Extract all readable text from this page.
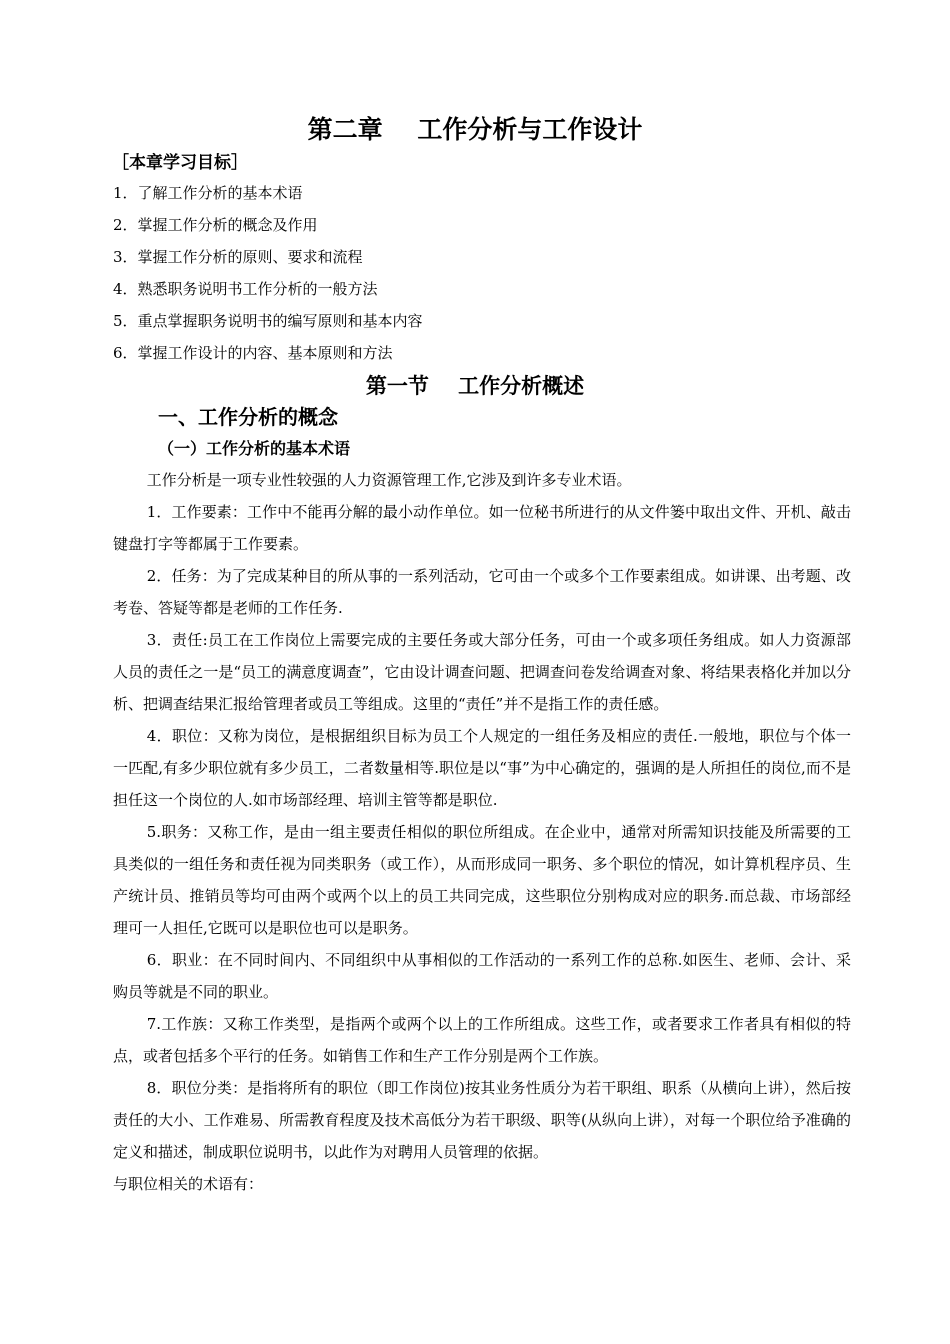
第二章    工作分析与工作设计
［本章学习目标］
1．了解工作分析的基本术语
2．掌握工作分析的概念及作用
3．掌握工作分析的原则、要求和流程
4．熟悉职务说明书工作分析的一般方法
5．重点掌握职务说明书的编写原则和基本内容
6．掌握工作设计的内容、基本原则和方法
第一节    工作分析概述
一、工作分析的概念
（一）工作分析的基本术语

工作分析是一项专业性较强的人力资源管理工作,它涉及到许多专业术语。

1．工作要素：工作中不能再分解的最小动作单位。如一位秘书所进行的从文件篓中取出文件、开机、敲击键盘打字等都属于工作要素。

2．任务：为了完成某种目的所从事的一系列活动，它可由一个或多个工作要素组成。如讲课、出考题、改考卷、答疑等都是老师的工作任务.

3．责任:员工在工作岗位上需要完成的主要任务或大部分任务，可由一个或多项任务组成。如人力资源部人员的责任之一是“员工的满意度调查”，它由设计调查问题、把调查问卷发给调查对象、将结果表格化并加以分析、把调查结果汇报给管理者或员工等组成。这里的“责任”并不是指工作的责任感。

4．职位：又称为岗位，是根据组织目标为员工个人规定的一组任务及相应的责任.一般地，职位与个体一一匹配,有多少职位就有多少员工，二者数量相等.职位是以“事”为中心确定的，强调的是人所担任的岗位,而不是担任这一个岗位的人.如市场部经理、培训主管等都是职位.

5.职务：又称工作，是由一组主要责任相似的职位所组成。在企业中，通常对所需知识技能及所需要的工具类似的一组任务和责任视为同类职务（或工作），从而形成同一职务、多个职位的情况，如计算机程序员、生产统计员、推销员等均可由两个或两个以上的员工共同完成，这些职位分别构成对应的职务.而总裁、市场部经理可一人担任,它既可以是职位也可以是职务。

6．职业：在不同时间内、不同组织中从事相似的工作活动的一系列工作的总称.如医生、老师、会计、采购员等就是不同的职业。

7.工作族：又称工作类型，是指两个或两个以上的工作所组成。这些工作，或者要求工作者具有相似的特点，或者包括多个平行的任务。如销售工作和生产工作分别是两个工作族。

8．职位分类：是指将所有的职位（即工作岗位)按其业务性质分为若干职组、职系（从横向上讲），然后按责任的大小、工作难易、所需教育程度及技术高低分为若干职级、职等(从纵向上讲），对每一个职位给予准确的定义和描述，制成职位说明书，以此作为对聘用人员管理的依据。

与职位相关的术语有：
